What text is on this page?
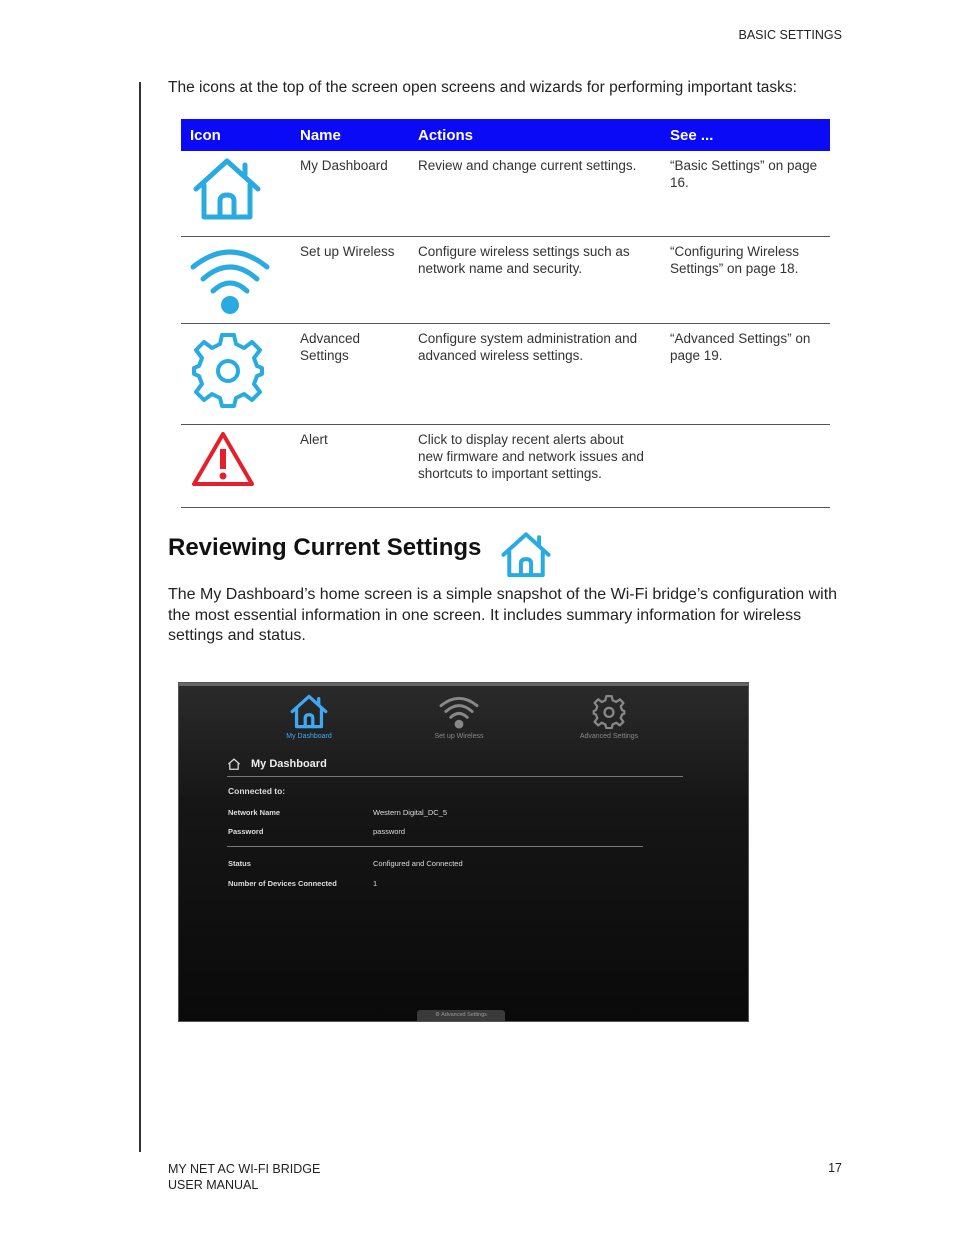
BASIC SETTINGS
The icons at the top of the screen open screens and wizards for performing important tasks:
Icon	Name	Actions	See ...
	My Dashboard	Review and change current settings.	“Basic Settings” on page 16.
	Set up Wireless	Configure wireless settings such as network name and security.	“Configuring Wireless Settings” on page 18.
	Advanced Settings	Configure system administration and advanced wireless settings.	“Advanced Settings” on page 19.
	Alert	Click to display recent alerts about new firmware and network issues and shortcuts to important settings.	
Reviewing Current Settings
The My Dashboard’s home screen is a simple snapshot of the Wi-Fi bridge’s configuration with the most essential information in one screen. It includes summary information for wireless settings and status.
My Dashboard	Set up Wireless	Advanced Settings
My Dashboard
Connected to:
Network Name	Western Digital_DC_5
Password	password
Status	Configured and Connected
Number of Devices Connected	1
⚙ Advanced Settings
MY NET AC WI-FI BRIDGE
USER MANUAL
17
